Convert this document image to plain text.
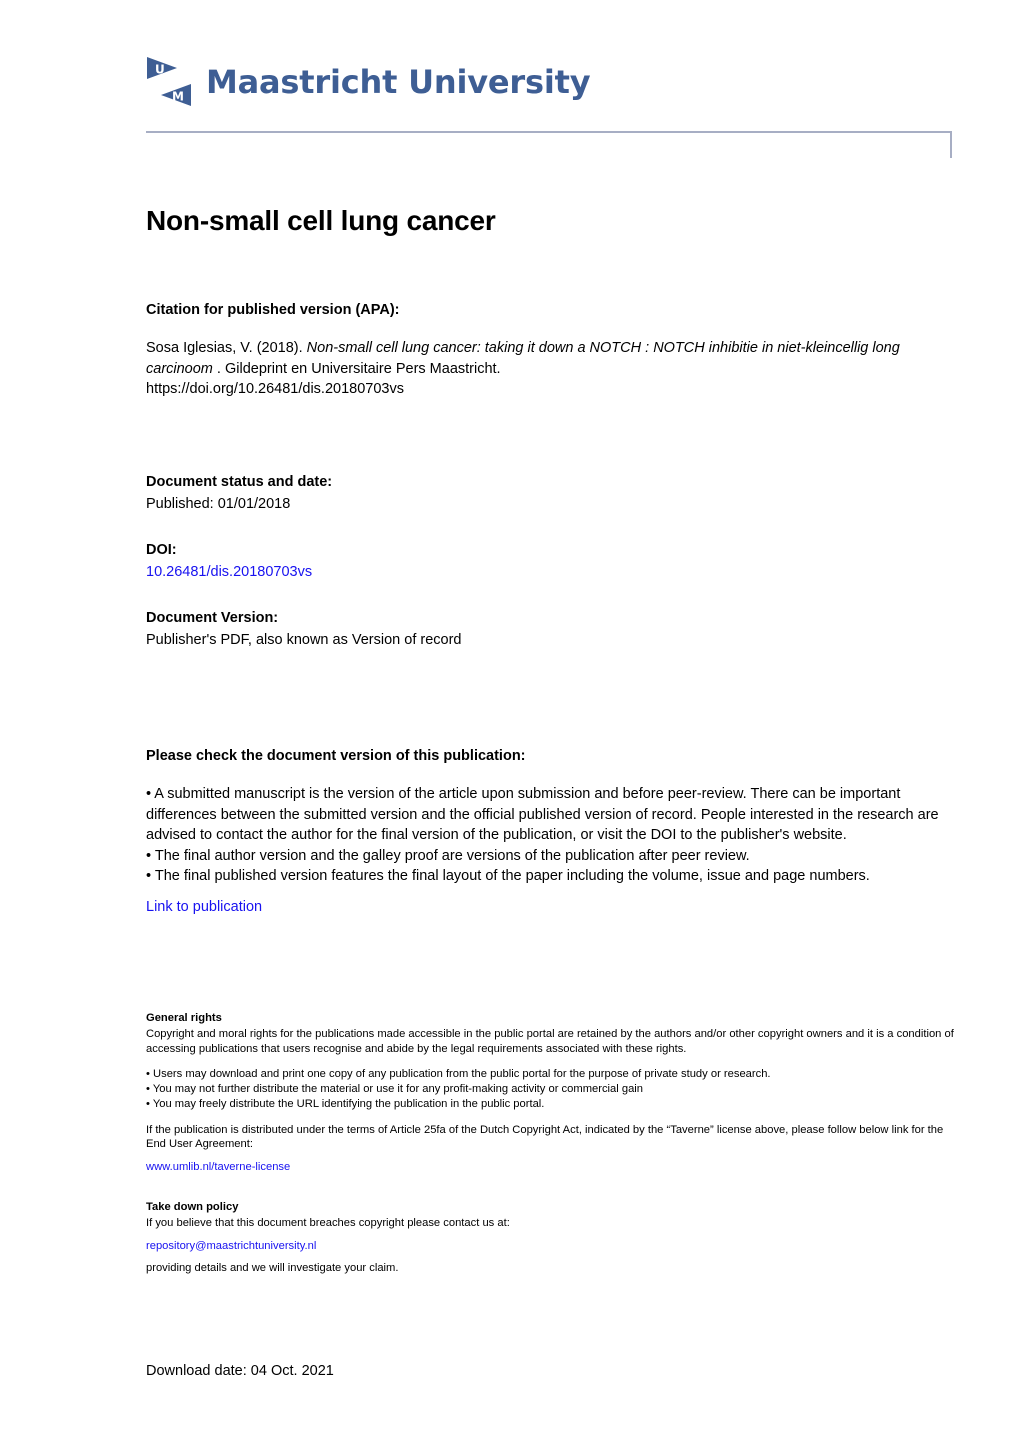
U
M Maastricht University
Non-small cell lung cancer

Citation for published version (APA):

Sosa Iglesias, V. (2018). Non-small cell lung cancer: taking it down a NOTCH : NOTCH inhibitie in niet-kleincellig long carcinoom . Gildeprint en Universitaire Pers Maastricht.

https://doi.org/10.26481/dis.20180703vs

Document status and date:

Published: 01/01/2018

DOI:

10.26481/dis.20180703vs

Document Version:

Publisher's PDF, also known as Version of record

Please check the document version of this publication:

• A submitted manuscript is the version of the article upon submission and before peer-review. There can be important differences between the submitted version and the official published version of record. People interested in the research are advised to contact the author for the final version of the publication, or visit the DOI to the publisher's website.

• The final author version and the galley proof are versions of the publication after peer review.

• The final published version features the final layout of the paper including the volume, issue and page numbers.

Link to publication

General rights

Copyright and moral rights for the publications made accessible in the public portal are retained by the authors and/or other copyright owners and it is a condition of accessing publications that users recognise and abide by the legal requirements associated with these rights.

• Users may download and print one copy of any publication from the public portal for the purpose of private study or research.

• You may not further distribute the material or use it for any profit-making activity or commercial gain

• You may freely distribute the URL identifying the publication in the public portal.

If the publication is distributed under the terms of Article 25fa of the Dutch Copyright Act, indicated by the “Taverne” license above, please follow below link for the End User Agreement:

www.umlib.nl/taverne-license

Take down policy

If you believe that this document breaches copyright please contact us at:

repository@maastrichtuniversity.nl

providing details and we will investigate your claim.

Download date: 04 Oct. 2021
